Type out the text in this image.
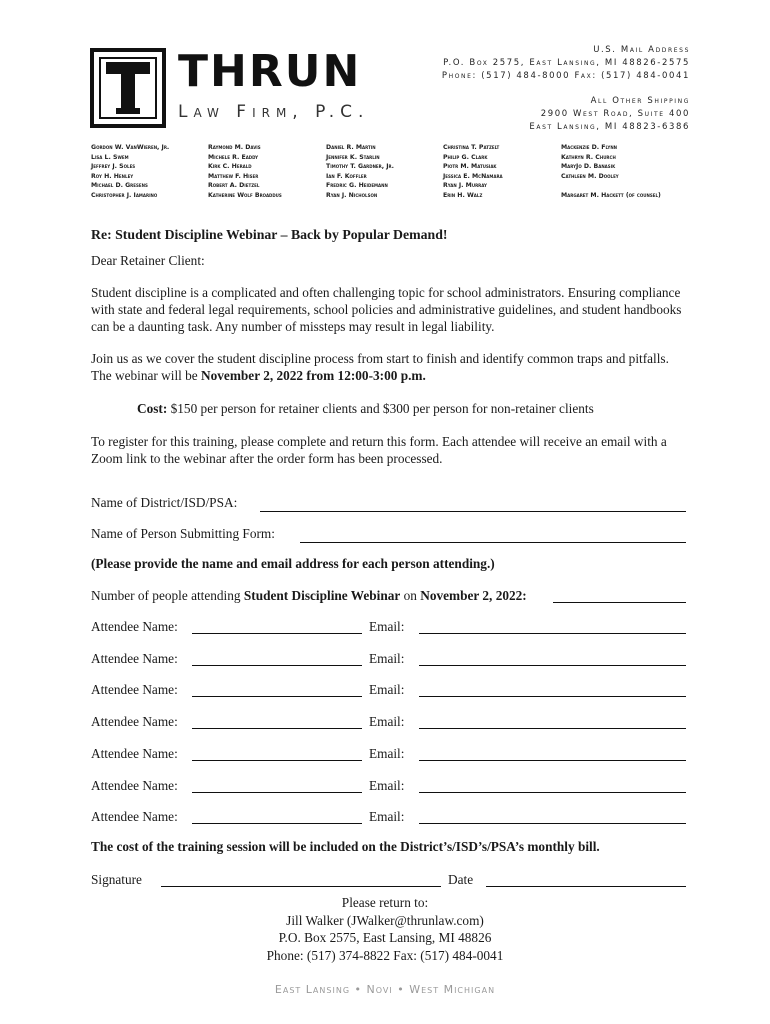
THRUN
Law Firm, P.C.
U.S. Mail Address
P.O. Box 2575, East Lansing, MI 48826-2575
Phone: (517) 484-8000 Fax: (517) 484-0041
All Other Shipping
2900 West Road, Suite 400
East Lansing, MI 48823-6386
Gordon W. VanWieren, Jr.
Lisa L. Swem
Jeffrey J. Soles
Roy H. Henley
Michael D. Gresens
Christopher J. Iamarino
Raymond M. Davis
Michele R. Eaddy
Kirk C. Herald
Matthew F. Hiser
Robert A. Dietzel
Katherine Wolf Broaddus
Daniel R. Martin
Jennifer K. Starlin
Timothy T. Gardner, Jr.
Ian F. Koffler
Fredric G. Heidemann
Ryan J. Nicholson
Christina T. Patzelt
Philip G. Clark
Piotr M. Matusiak
Jessica E. McNamara
Ryan J. Murray
Erin H. Walz
Mackenzie D. Flynn
Kathryn R. Church
MaryJo D. Banasik
Cathleen M. Dooley

Margaret M. Hackett (of counsel)
Re: Student Discipline Webinar – Back by Popular Demand!
Dear Retainer Client:
Student discipline is a complicated and often challenging topic for school administrators. Ensuring compliance with state and federal legal requirements, school policies and administrative guidelines, and student handbooks can be a daunting task. Any number of missteps may result in legal liability.
Join us as we cover the student discipline process from start to finish and identify common traps and pitfalls. The webinar will be November 2, 2022 from 12:00-3:00 p.m.
Cost: $150 per person for retainer clients and $300 per person for non-retainer clients
To register for this training, please complete and return this form. Each attendee will receive an email with a Zoom link to the webinar after the order form has been processed.
Name of District/ISD/PSA:
Name of Person Submitting Form:
(Please provide the name and email address for each person attending.)
Number of people attending Student Discipline Webinar on November 2, 2022:
Attendee Name:	Email:
Attendee Name:	Email:
Attendee Name:	Email:
Attendee Name:	Email:
Attendee Name:	Email:
Attendee Name:	Email:
Attendee Name:	Email:
The cost of the training session will be included on the District’s/ISD’s/PSA’s monthly bill.
Signature	Date
Please return to:
Jill Walker (JWalker@thrunlaw.com)
P.O. Box 2575, East Lansing, MI 48826
Phone: (517) 374-8822 Fax: (517) 484-0041
East Lansing • Novi • West Michigan
